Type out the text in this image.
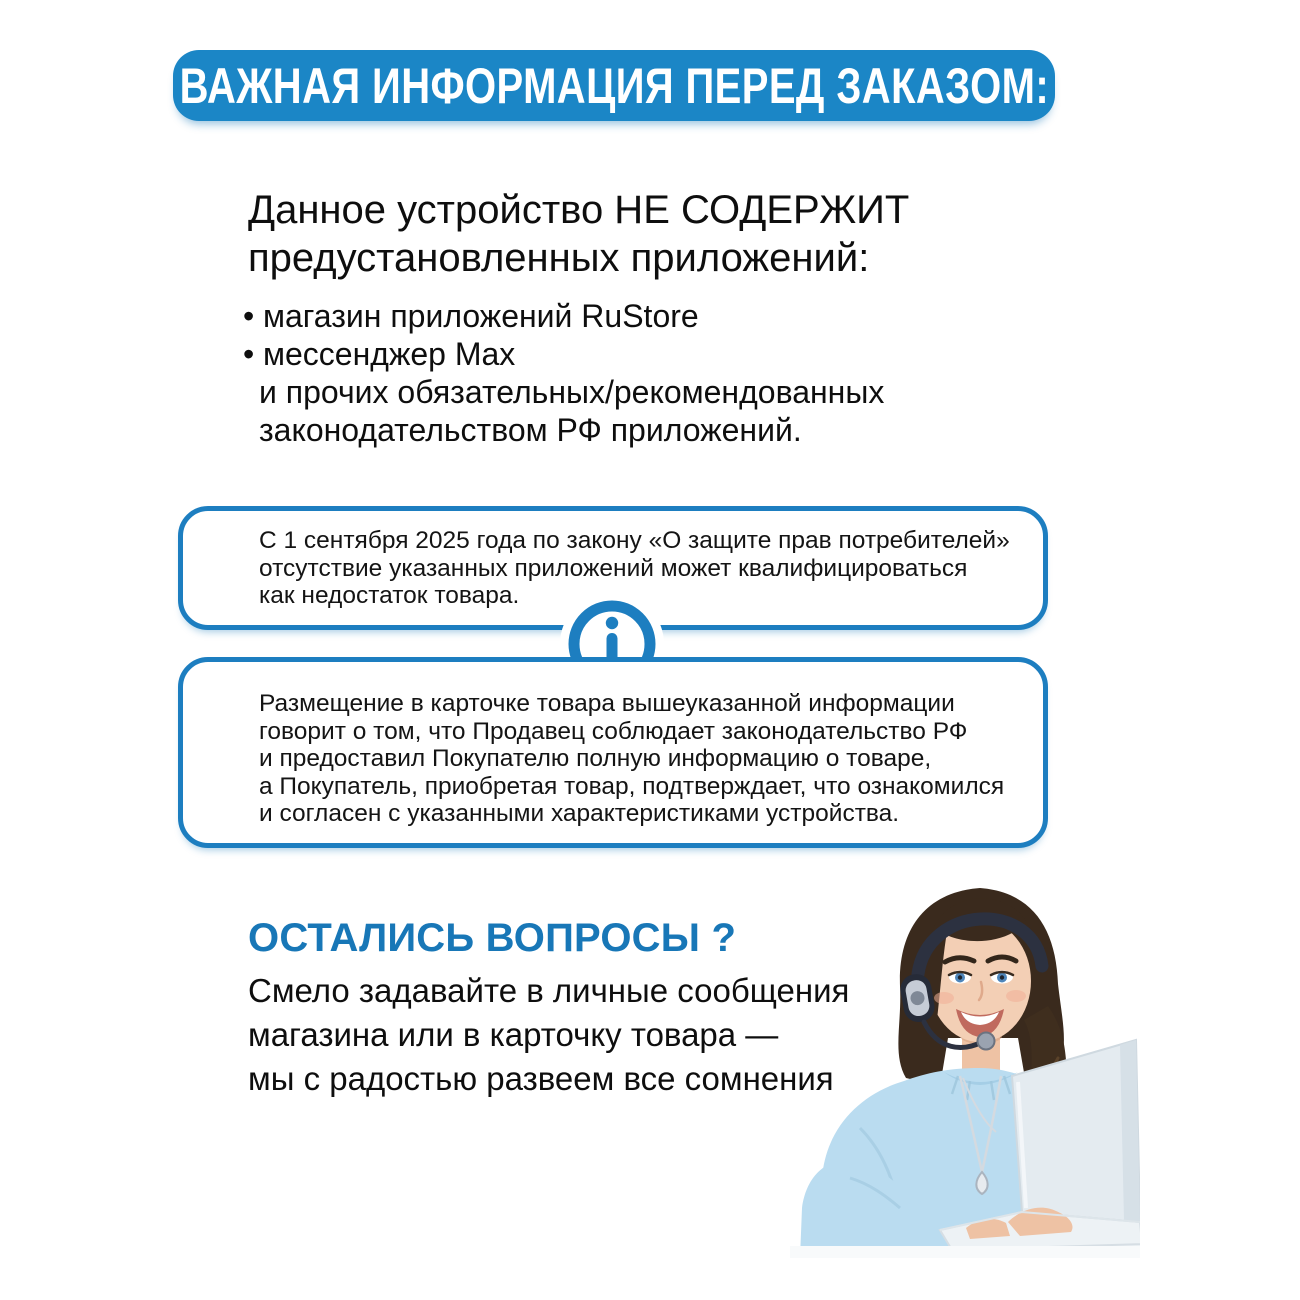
ВАЖНАЯ ИНФОРМАЦИЯ ПЕРЕД ЗАКАЗОМ:
Данное устройство НЕ СОДЕРЖИТ
предустановленных приложений:
• магазин приложений RuStore
• мессенджер Max
и прочих обязательных/рекомендованных
законодательством РФ приложений.
С 1 сентября 2025 года по закону «О защите прав потребителей»
отсутствие указанных приложений может квалифицироваться
как недостаток товара.
Размещение в карточке товара вышеуказанной информации
говорит о том, что Продавец соблюдает законодательство РФ
и предоставил Покупателю полную информацию о товаре,
а Покупатель, приобретая товар, подтверждает, что ознакомился
и согласен с указанными характеристиками устройства.
ОСТАЛИСЬ ВОПРОСЫ ?
Смело задавайте в личные сообщения
магазина или в карточку товара —
мы с радостью развеем все сомнения
